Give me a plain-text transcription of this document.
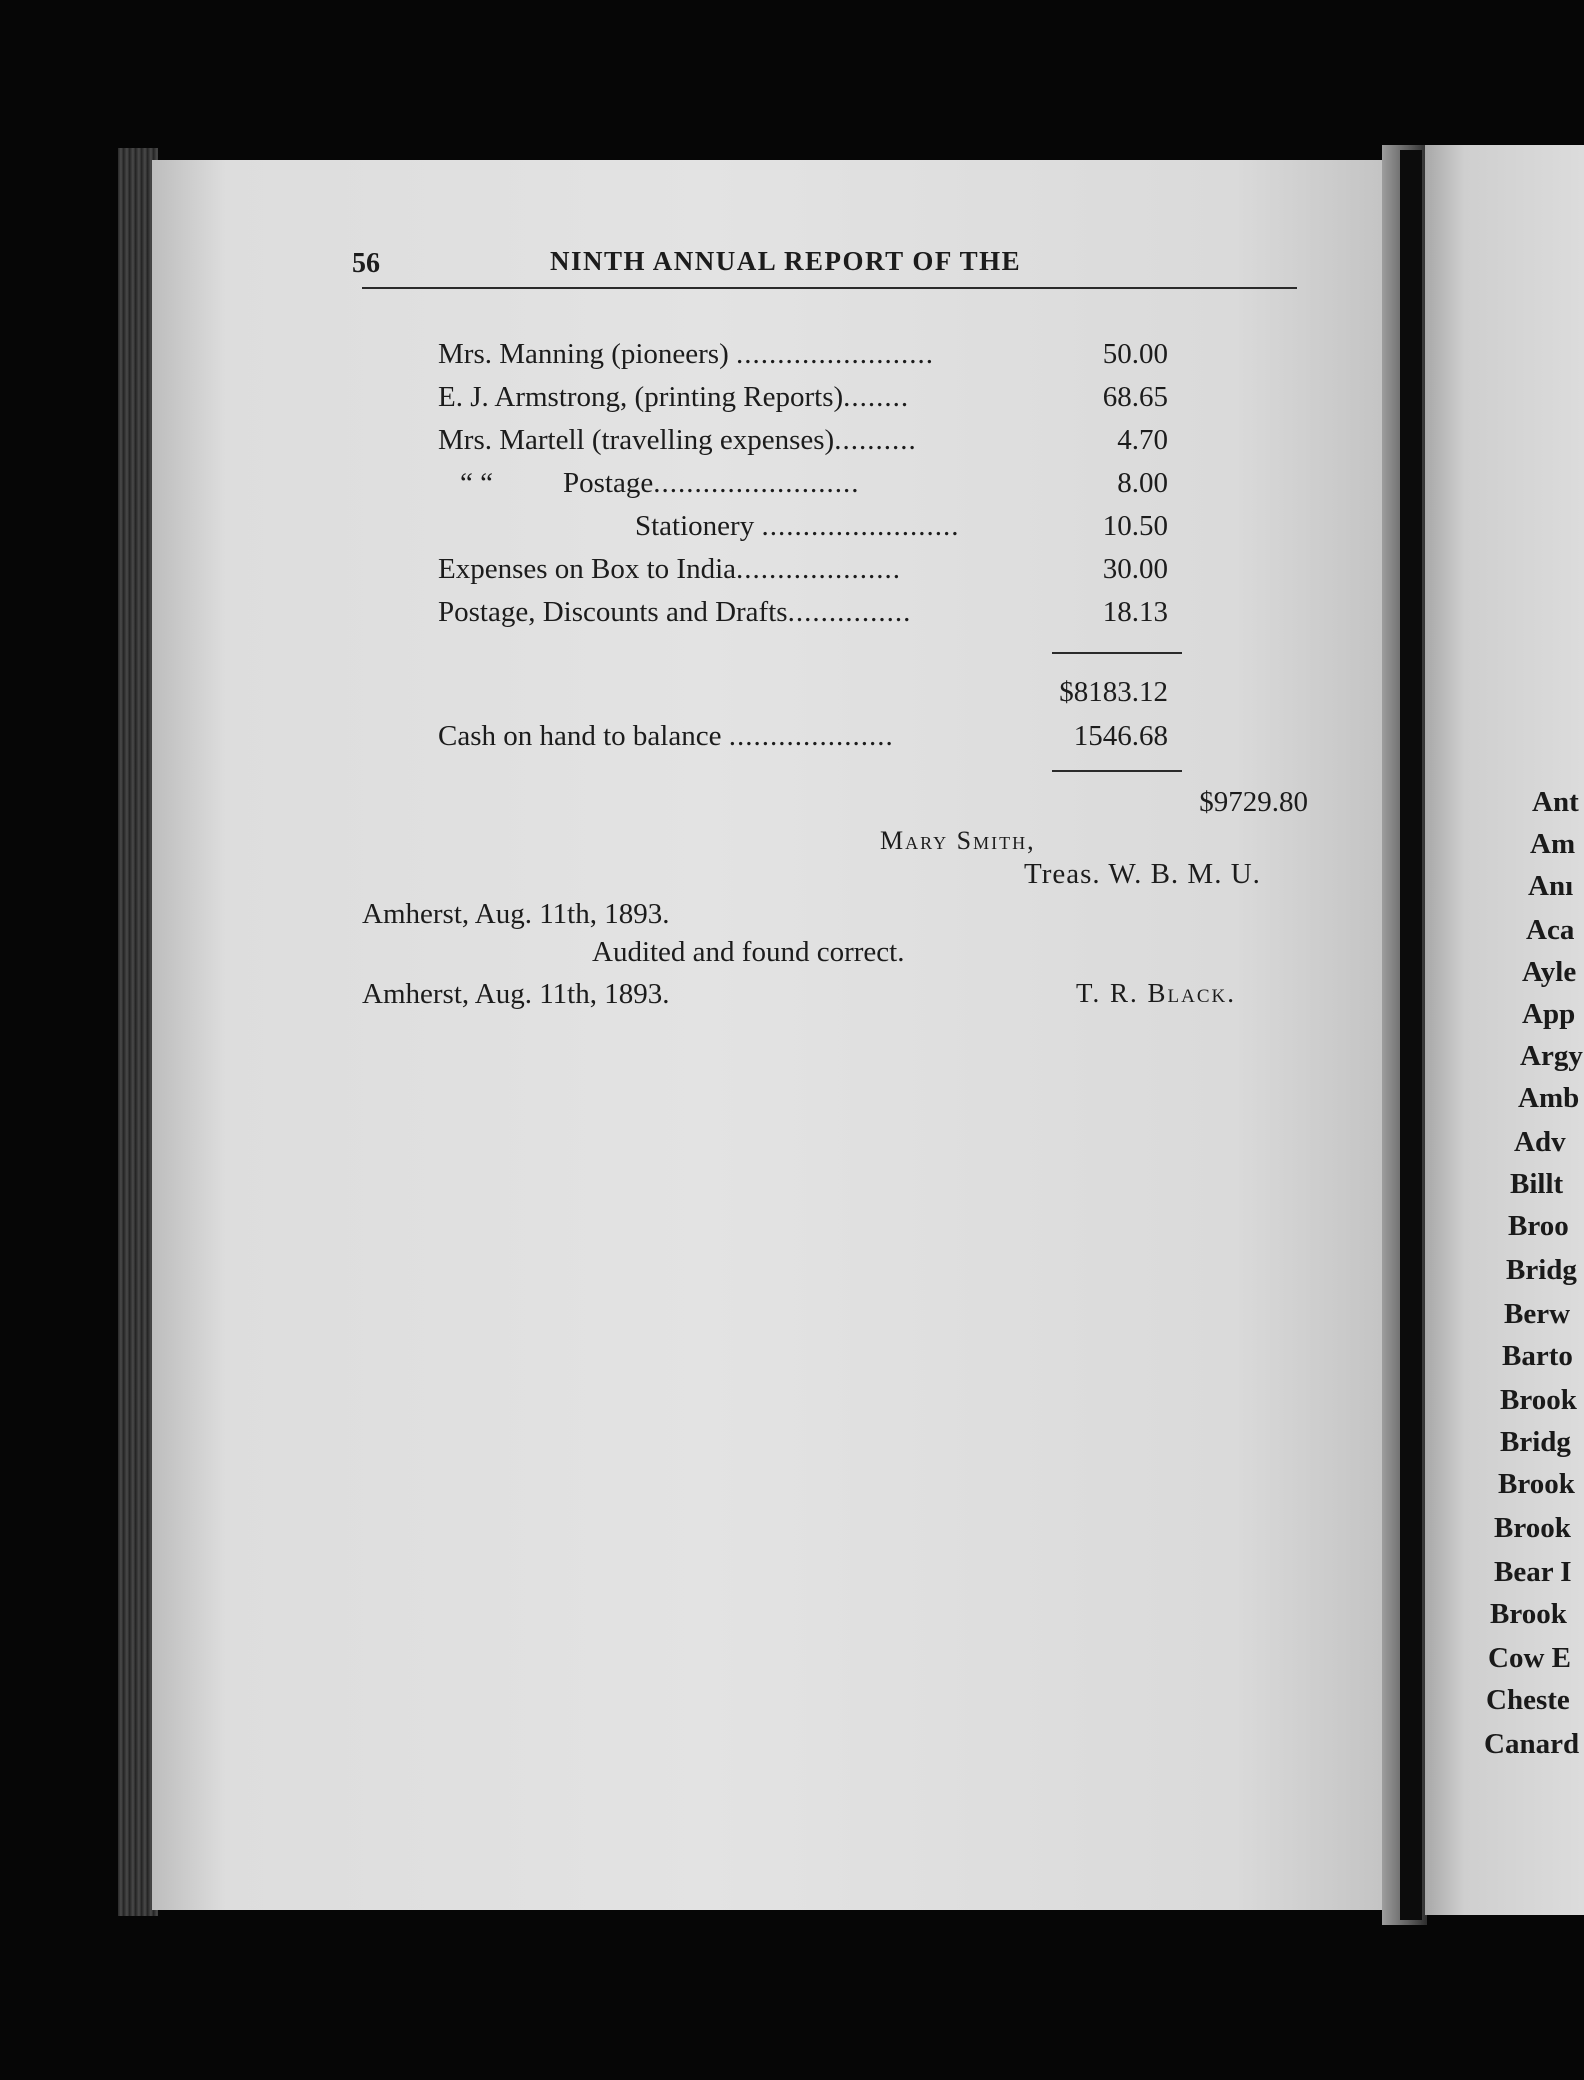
56	NINTH ANNUAL REPORT OF THE
Mrs. Manning (pioneers) ........................	50.00
E. J. Armstrong, (printing Reports)........	68.65
Mrs. Martell (travelling expenses)..........	4.70
“ “ Postage.........................	8.00
Stationery ........................	10.50
Expenses on Box to India....................	30.00
Postage, Discounts and Drafts...............	18.13
$8183.12
Cash on hand to balance ....................	1546.68
$9729.80
Mary Smith,
Treas. W. B. M. U.
Amherst, Aug. 11th, 1893.
Audited and found correct.
Amherst, Aug. 11th, 1893.	T. R. Black.
Ant
Am
Anı
Aca
Ayle
App
Argy
Amb
Adv
Billt
Broo
Bridg
Berw
Barto
Brook
Bridg
Brook
Brook
Bear I
Brook
Cow E
Cheste
Canard
